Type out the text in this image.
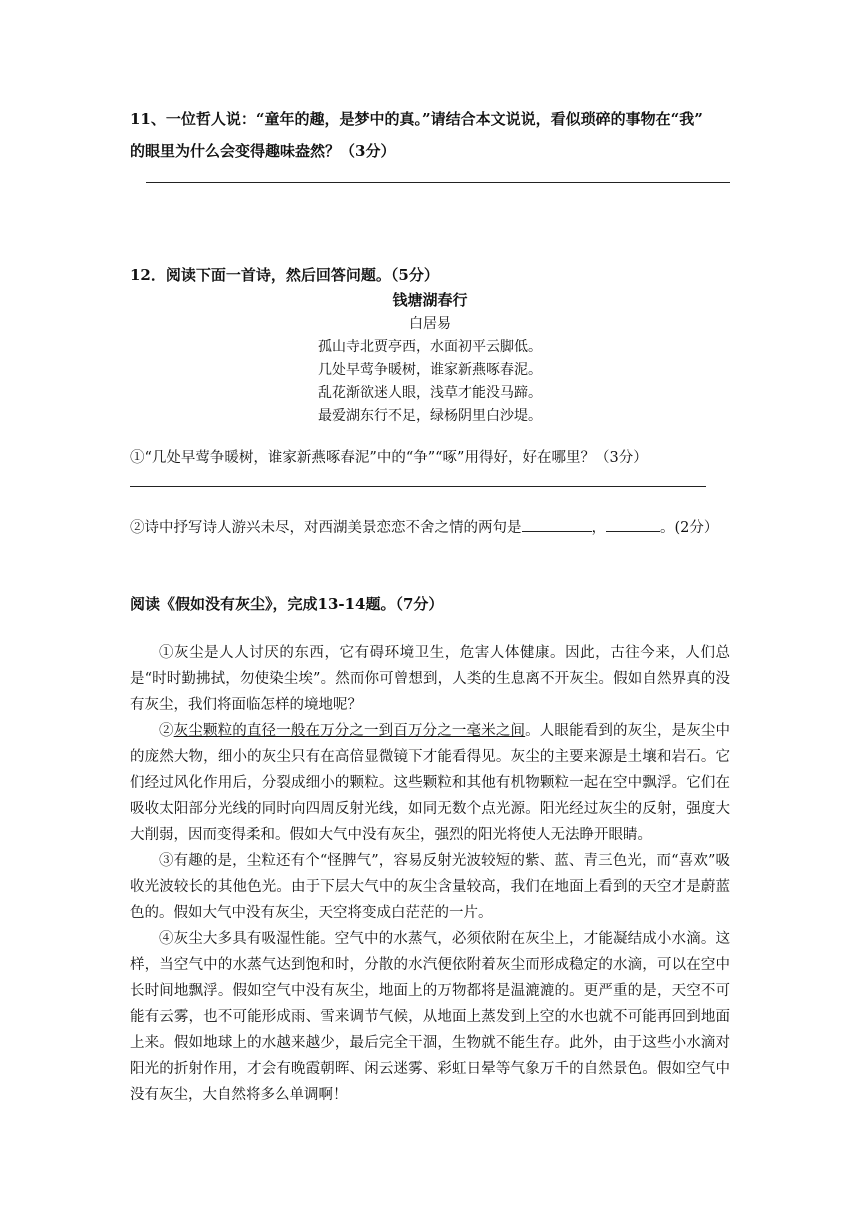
11、一位哲人说：“童年的趣，是梦中的真。”请结合本文说说，看似琐碎的事物在“我”
的眼里为什么会变得趣味盎然？（3分）
12．阅读下面一首诗，然后回答问题。（5分）
钱塘湖春行
白居易
孤山寺北贾亭西，水面初平云脚低。
几处早莺争暖树，谁家新燕啄春泥。
乱花渐欲迷人眼，浅草才能没马蹄。
最爱湖东行不足，绿杨阴里白沙堤。
①“几处早莺争暖树，谁家新燕啄春泥”中的“争”“啄”用得好，好在哪里？（3分）
②诗中抒写诗人游兴未尽，对西湖美景恋恋不舍之情的两句是	，	。(2分）
阅读《假如没有灰尘》，完成13-14题。（7分）

①灰尘是人人讨厌的东西，它有碍环境卫生，危害人体健康。因此，古往今来，人们总是“时时勤拂拭，勿使染尘埃”。然而你可曾想到，人类的生息离不开灰尘。假如自然界真的没有灰尘，我们将面临怎样的境地呢？

②灰尘颗粒的直径一般在万分之一到百万分之一毫米之间。人眼能看到的灰尘，是灰尘中的庞然大物，细小的灰尘只有在高倍显微镜下才能看得见。灰尘的主要来源是土壤和岩石。它们经过风化作用后，分裂成细小的颗粒。这些颗粒和其他有机物颗粒一起在空中飘浮。它们在吸收太阳部分光线的同时向四周反射光线，如同无数个点光源。阳光经过灰尘的反射，强度大大削弱，因而变得柔和。假如大气中没有灰尘，强烈的阳光将使人无法睁开眼睛。

③有趣的是，尘粒还有个“怪脾气”，容易反射光波较短的紫、蓝、青三色光，而“喜欢”吸收光波较长的其他色光。由于下层大气中的灰尘含量较高，我们在地面上看到的天空才是蔚蓝色的。假如大气中没有灰尘，天空将变成白茫茫的一片。

④灰尘大多具有吸湿性能。空气中的水蒸气，必须依附在灰尘上，才能凝结成小水滴。这样，当空气中的水蒸气达到饱和时，分散的水汽便依附着灰尘而形成稳定的水滴，可以在空中长时间地飘浮。假如空气中没有灰尘，地面上的万物都将是温漉漉的。更严重的是，天空不可能有云雾，也不可能形成雨、雪来调节气候，从地面上蒸发到上空的水也就不可能再回到地面上来。假如地球上的水越来越少，最后完全干涸，生物就不能生存。此外，由于这些小水滴对阳光的折射作用，才会有晚霞朝晖、闲云迷雾、彩虹日晕等气象万千的自然景色。假如空气中没有灰尘，大自然将多么单调啊！
